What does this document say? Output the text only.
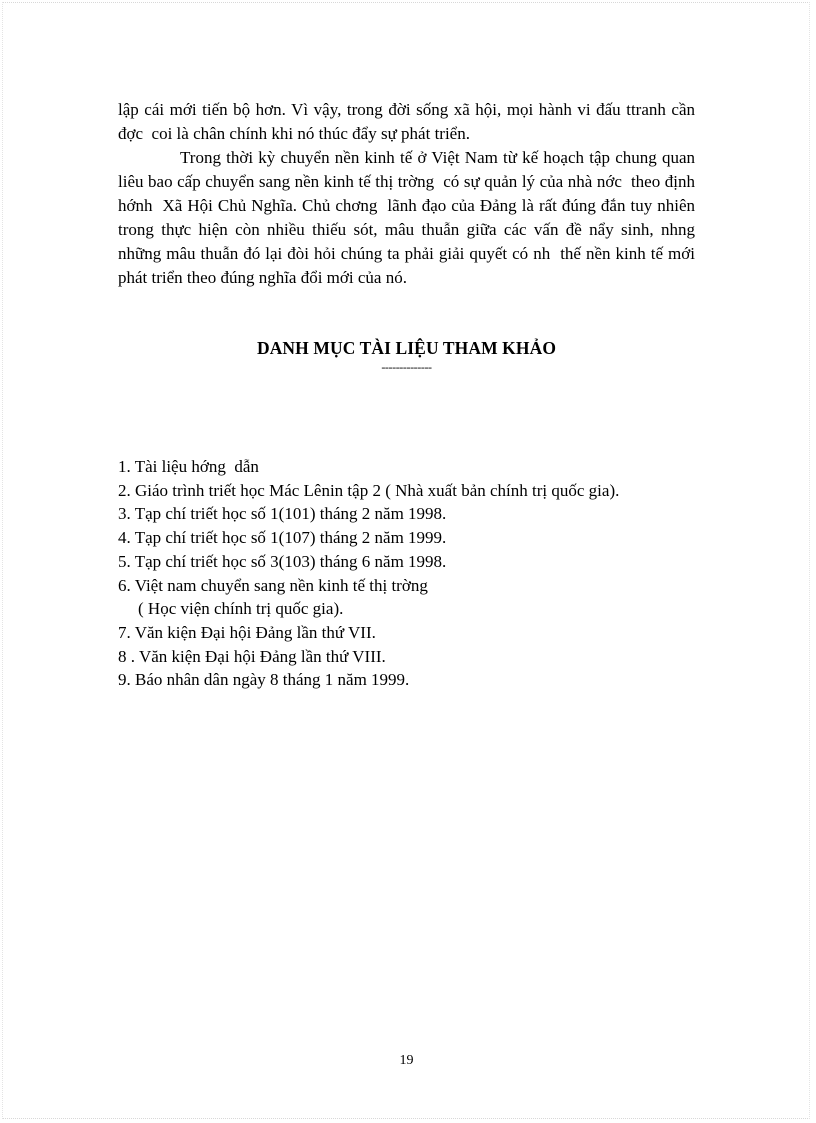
lập cái mới tiến bộ hơn. Vì vậy, trong đời sống xã hội, mọi hành vi đấu ttranh cần đợc  coi là chân chính khi nó thúc đẩy sự phát triển.

Trong thời kỳ chuyển nền kinh tế ở Việt Nam từ kế hoạch tập chung quan liêu bao cấp chuyển sang nền kinh tế thị trờng  có sự quản lý của nhà nớc  theo định hớnh  Xã Hội Chủ Nghĩa. Chủ chơng  lãnh đạo của Đảng là rất đúng đắn tuy nhiên trong thực hiện còn nhiều thiếu sót, mâu thuẫn giữa các vấn đề nẩy sinh, nhng  những mâu thuẫn đó lại đòi hỏi chúng ta phải giải quyết có nh  thế nền kinh tế mới phát triển theo đúng nghĩa đổi mới của nó.

DANH MỤC TÀI LIỆU THAM KHẢO
--------------
1. Tài liệu hớng  dẫn
2. Giáo trình triết học Mác Lênin tập 2 ( Nhà xuất bản chính trị quốc gia).
3. Tạp chí triết học số 1(101) tháng 2 năm 1998.
4. Tạp chí triết học số 1(107) tháng 2 năm 1999.
5. Tạp chí triết học số 3(103) tháng 6 năm 1998.
6. Việt nam chuyển sang nền kinh tế thị trờng
( Học viện chính trị quốc gia).
7. Văn kiện Đại hội Đảng lần thứ VII.
8 . Văn kiện Đại hội Đảng lần thứ VIII.
9. Báo nhân dân ngày 8 tháng 1 năm 1999.
19
